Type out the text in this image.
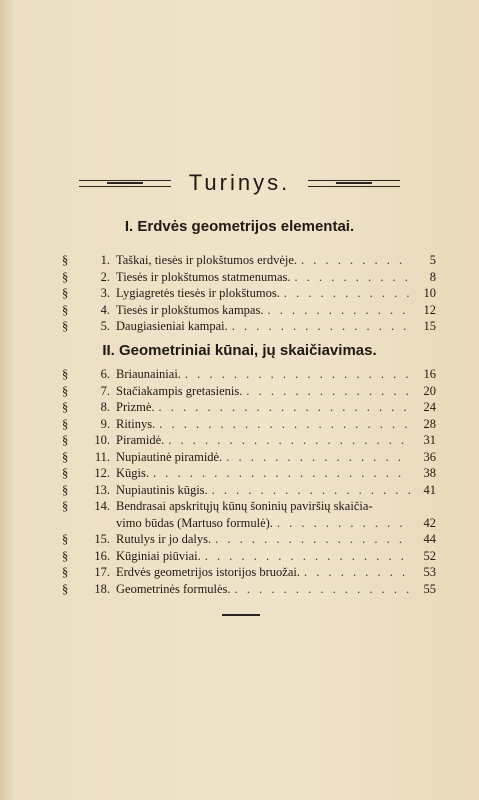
Turinys.
I. Erdvės geometrijos elementai.
§	1. Taškai, tiesės ir plokštumos erdvėje. . . .	5
§	2. Tiesės ir plokštumos statmenumas. . . .	8
§	3. Lygiagretės tiesės ir plokštumos. . . .	10
§	4. Tiesės ir plokštumos kampas. . . .	12
§	5. Daugiasieniai kampai. . . .	15
II. Geometriniai kūnai, jų skaičiavimas.
§	6. Briaunainiai. . . .	16
§	7. Stačiakampis gretasienis. . . .	20
§	8. Prizmė. . . .	24
§	9. Ritinys. . . .	28
§	10. Piramidė. . . .	31
§	11. Nupiautinė piramidė. . . .	36
§	12. Kūgis. . . .	38
§	13. Nupiautinis kūgis. . . .	41
§	14. Bendrasai apskritųjų kūnų šoninių paviršių skaičia-
vimo būdas (Martuso formulė). . . .	42
§	15. Rutulys ir jo dalys. . . .	44
§	16. Kūginiai piūviai. . . .	52
§	17. Erdvės geometrijos istorijos bruožai. . . .	53
§	18. Geometrinės formulės. . . .	55
